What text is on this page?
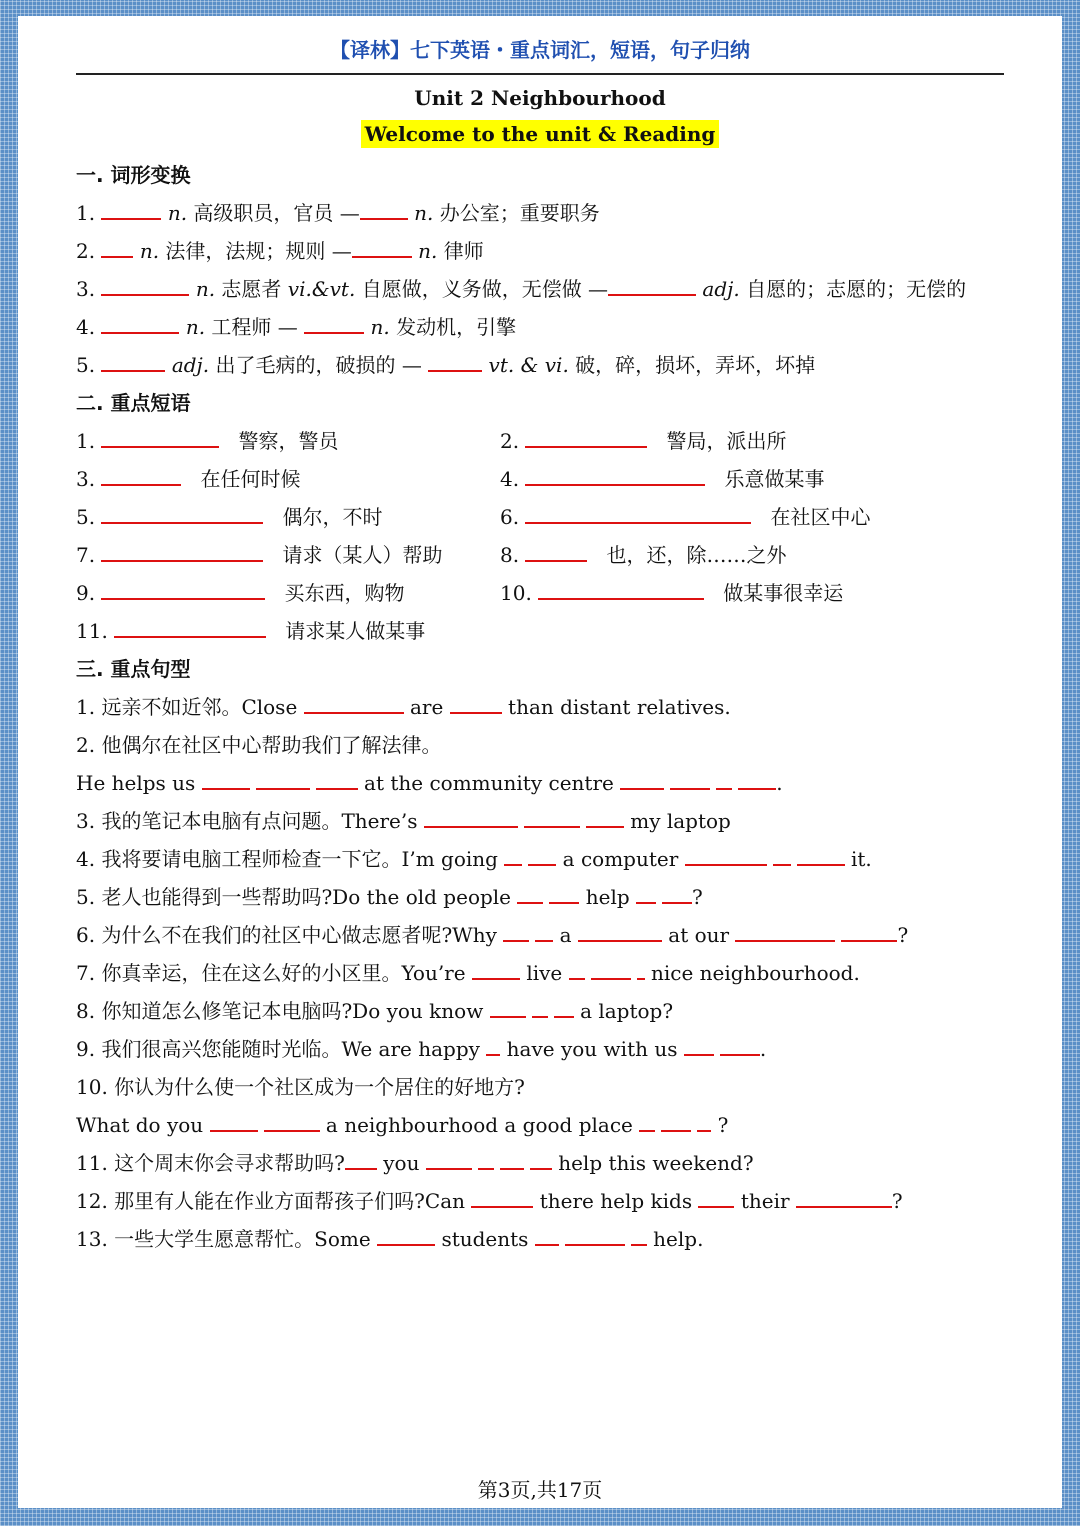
【译林】七下英语・重点词汇，短语，句子归纳
Unit 2 Neighbourhood
Welcome to the unit & Reading
一. 词形变换
1.	n. 高级职员，官员 —	n. 办公室；重要职务
2. n. 法律，法规；规则 —	n. 律师
3.	n. 志愿者 vi.&vt. 自愿做，义务做，无偿做 —	adj. 自愿的；志愿的；无偿的
4.	n. 工程师 —	n. 发动机，引擎
5.	adj. 出了毛病的，破损的 —	vt. & vi. 破，碎，损坏，弄坏，坏掉
二. 重点短语
1.	警察，警员	2.	警局，派出所
3.	在任何时候	4.	乐意做某事
5.	偶尔，不时	6.	在社区中心
7.	请求（某人）帮助	8.	也，还，除……之外
9.	买东西，购物	10.	做某事很幸运
11.	请求某人做某事
三. 重点句型
1. 远亲不如近邻。Close	are	than distant relatives.
2. 他偶尔在社区中心帮助我们了解法律。
He helps us	at the community centre	.
3. 我的笔记本电脑有点问题。There’s	my laptop
4. 我将要请电脑工程师检查一下它。I’m going	a computer	it.
5. 老人也能得到一些帮助吗?Do the old people	help	?
6. 为什么不在我们的社区中心做志愿者呢?Why	a	at our	?
7. 你真幸运，住在这么好的小区里。You’re	live	nice neighbourhood.
8. 你知道怎么修笔记本电脑吗?Do you know	a laptop?
9. 我们很高兴您能随时光临。We are happy have you with us	.
10. 你认为什么使一个社区成为一个居住的好地方?
What do you	a neighbourhood a good place	?
11. 这个周末你会寻求帮助吗? you	help this weekend?
12. 那里有人能在作业方面帮孩子们吗?Can	there help kids their	?
13. 一些大学生愿意帮忙。Some	students	help.
第3页,共17页
